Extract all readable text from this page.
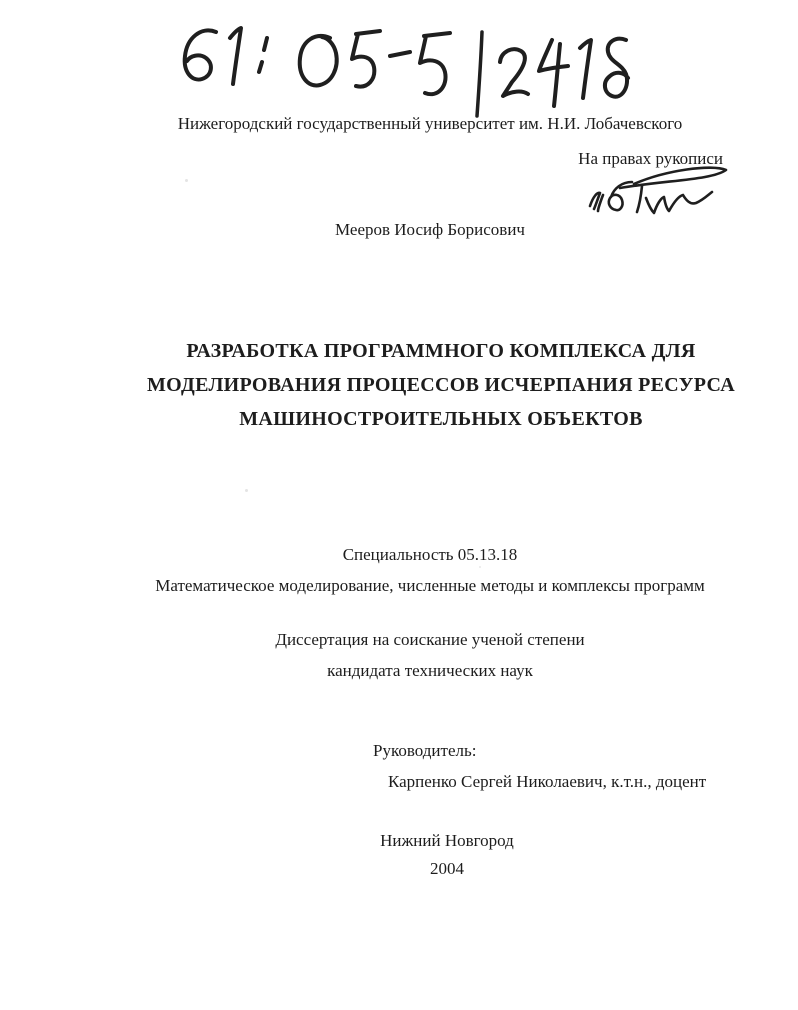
Нижегородский государственный университет им. Н.И. Лобачевского
На правах рукописи
Мееров Иосиф Борисович
РАЗРАБОТКА ПРОГРАММНОГО КОМПЛЕКСА ДЛЯ
МОДЕЛИРОВАНИЯ ПРОЦЕССОВ ИСЧЕРПАНИЯ РЕСУРСА
МАШИНОСТРОИТЕЛЬНЫХ ОБЪЕКТОВ
Специальность 05.13.18
Математическое моделирование, численные методы и комплексы программ
Диссертация на соискание ученой степени
кандидата технических наук
Руководитель:
Карпенко Сергей Николаевич, к.т.н., доцент
Нижний Новгород
2004
